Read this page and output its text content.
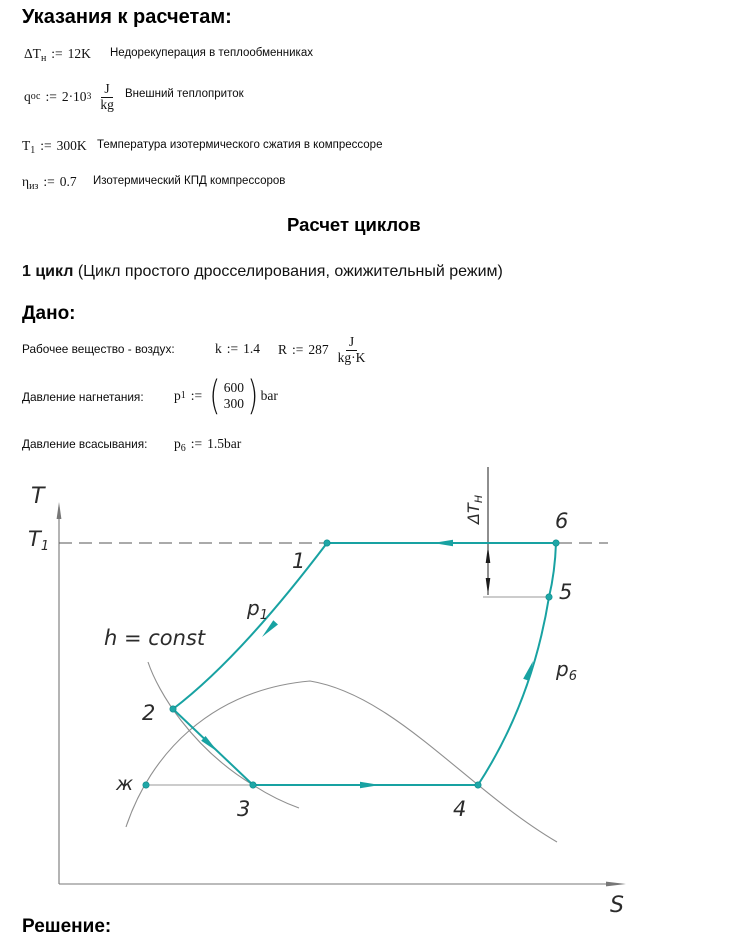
Указания к расчетам:
$\Delta T_н$ := 12K Недорекуперация в теплообменниках
q ос := 2·10 $3 \frac{J}{kg}$ Внешний теплоприток
$T_1$ := 300K Температура изотермического сжатия в компрессоре
$\eta_{из}$ := 0.7 Изотермический КПД компрессоров
Расчет циклов
1 цикл (Цикл простого дросселирования, ожижительный режим)
Дано:
Рабочее вещество - воздух:	k := 1.4 R := $287 \frac{J}{kg\cdot K}$
Давление нагнетания: p 1 := ( 600
300 ) bar
Давление всасывания: $p_6$ := 1.5bar
T
T1
S
1
2
3	4
5
6
ж
$p_1$
$p_6$
h = const
ΔTн
Решение:
